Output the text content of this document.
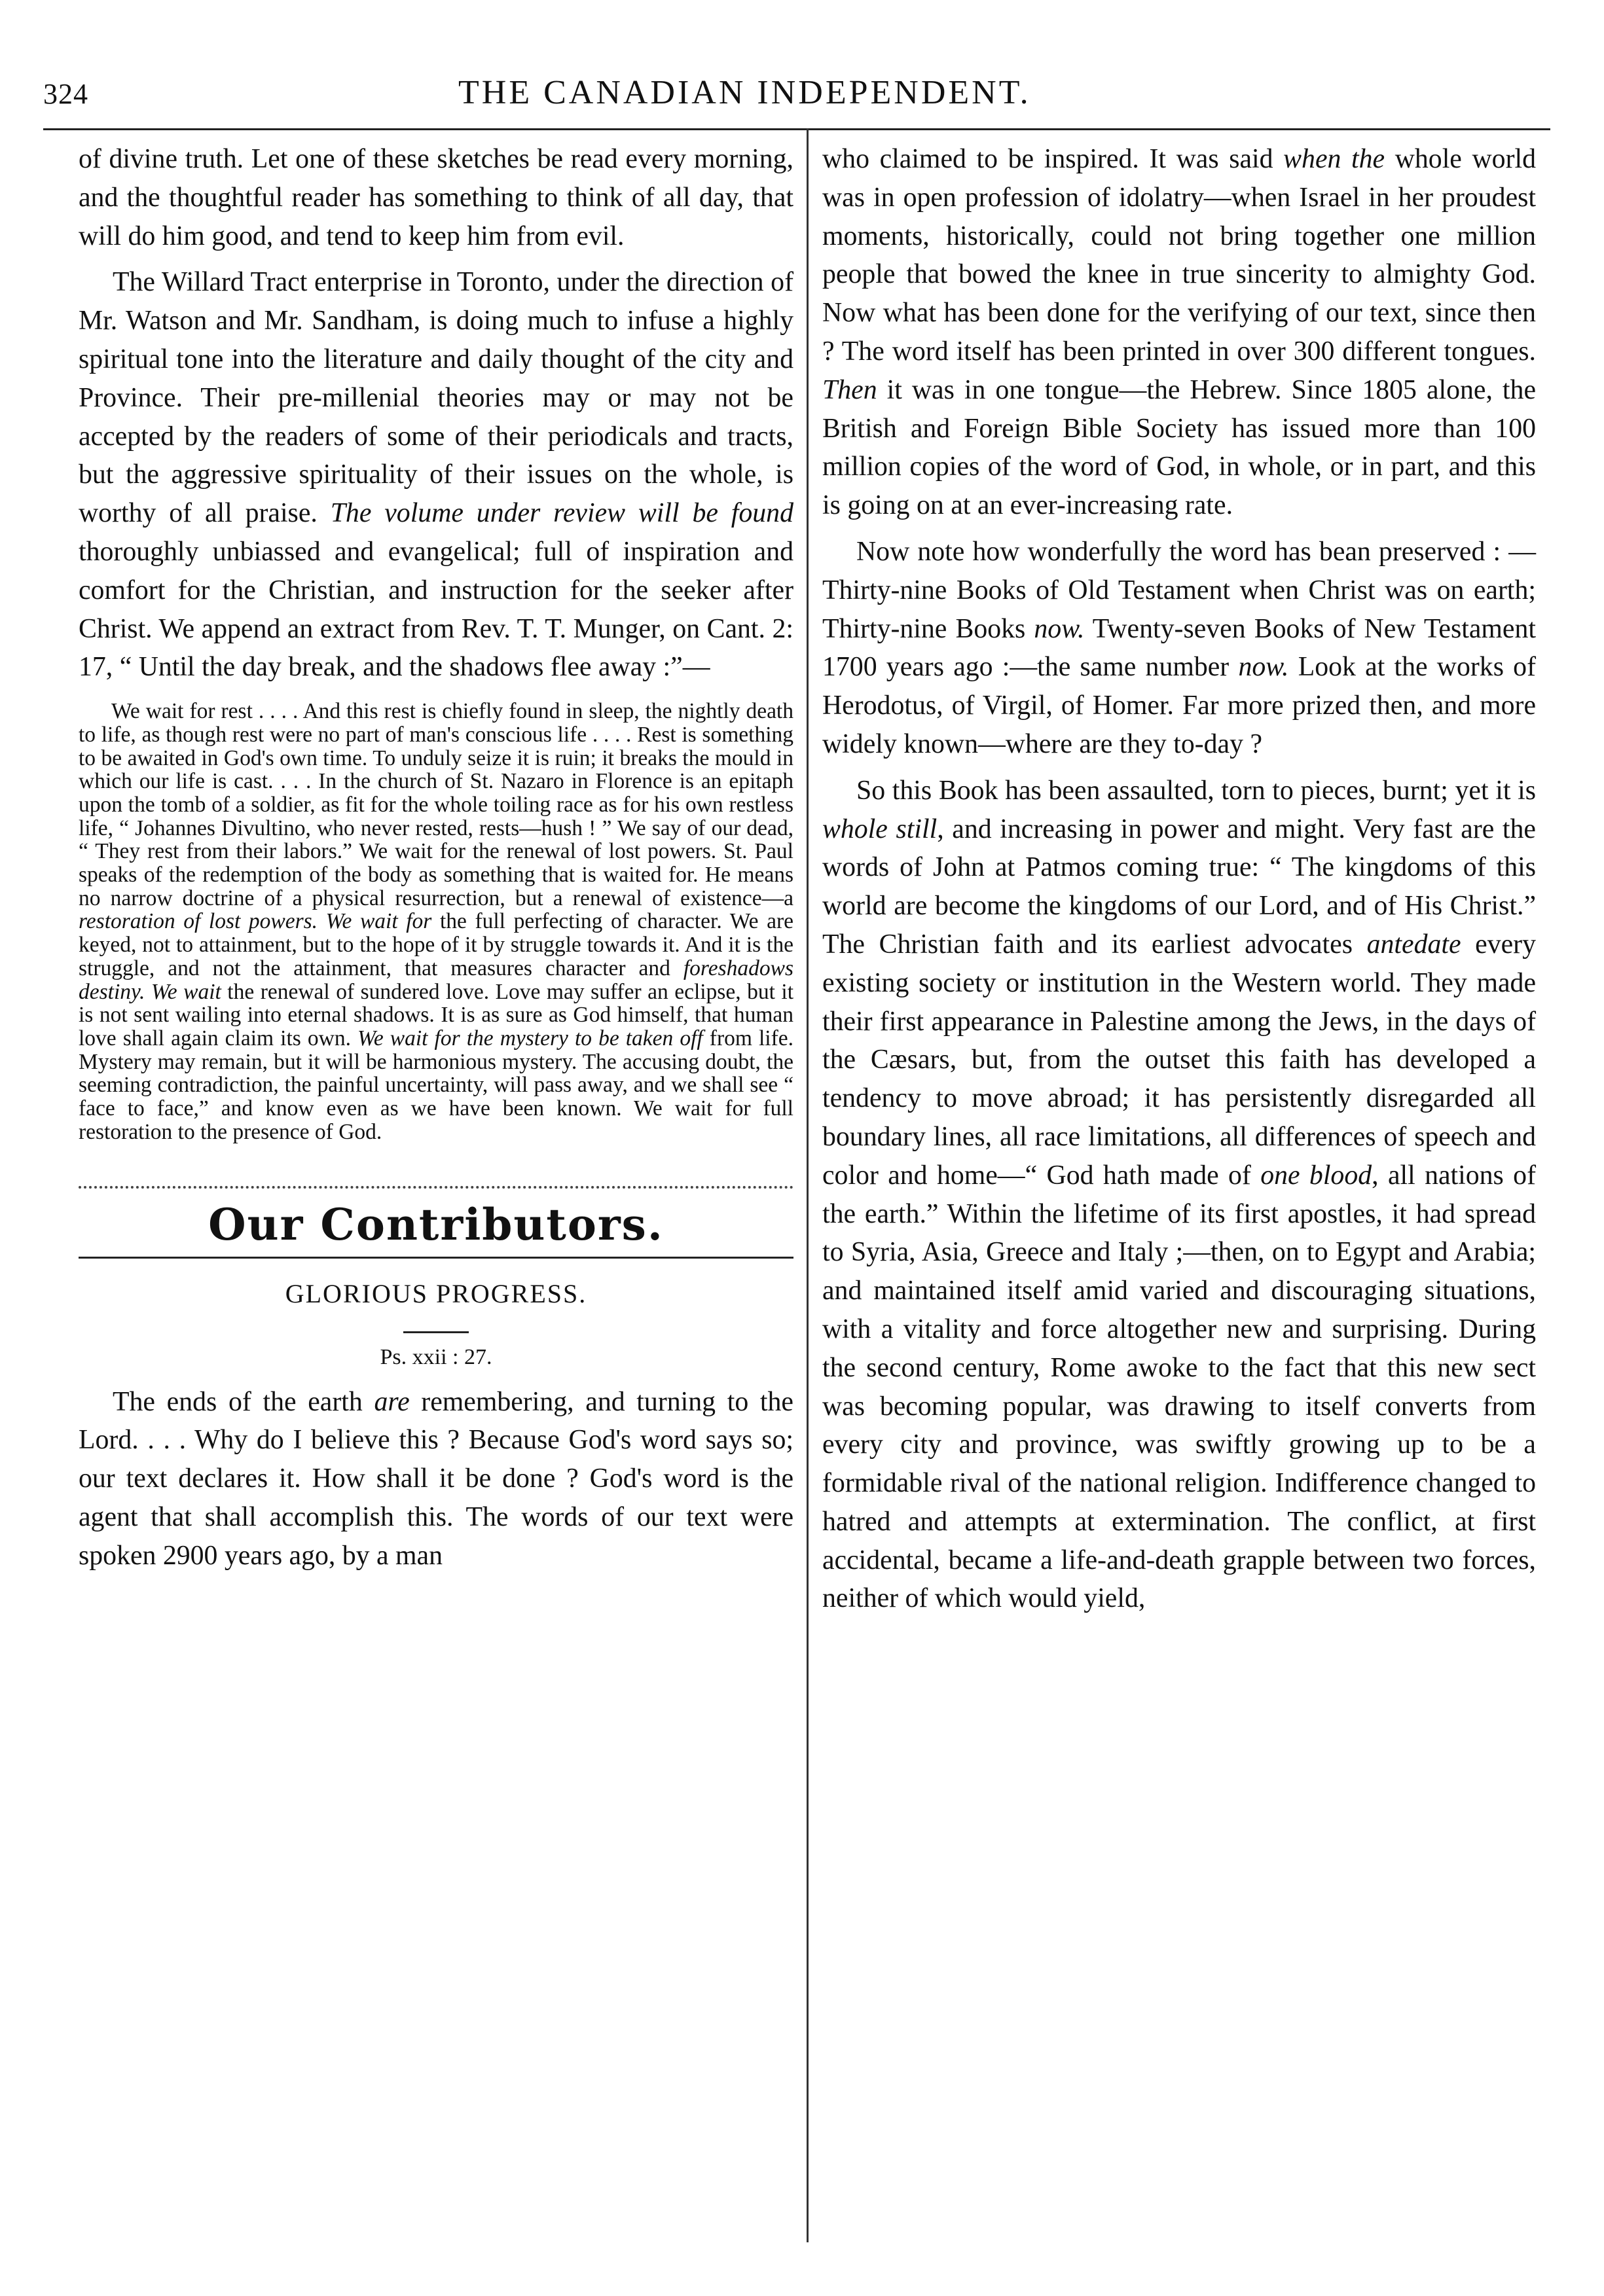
324	THE CANADIAN INDEPENDENT.

of divine truth. Let one of these sketches be read every morning, and the thoughtful reader has something to think of all day, that will do him good, and tend to keep him from evil.

The Willard Tract enterprise in Toronto, under the direction of Mr. Watson and Mr. Sandham, is doing much to infuse a highly spiritual tone into the literature and daily thought of the city and Province. Their pre-millenial theories may or may not be accepted by the readers of some of their periodicals and tracts, but the aggressive spirituality of their issues on the whole, is worthy of all praise. The volume under review will be found thoroughly unbiassed and evangelical; full of inspiration and comfort for the Christian, and instruction for the seeker after Christ. We append an extract from Rev. T. T. Munger, on Cant. 2: 17, “ Until the day break, and the shadows flee away :”—

We wait for rest . . . . And this rest is chiefly found in sleep, the nightly death to life, as though rest were no part of man's conscious life . . . . Rest is something to be awaited in God's own time. To unduly seize it is ruin; it breaks the mould in which our life is cast. . . . In the church of St. Nazaro in Florence is an epitaph upon the tomb of a soldier, as fit for the whole toiling race as for his own restless life, “ Johannes Divultino, who never rested, rests—hush ! ” We say of our dead, “ They rest from their labors.” We wait for the renewal of lost powers. St. Paul speaks of the redemption of the body as something that is waited for. He means no narrow doctrine of a physical resurrection, but a renewal of existence—a restoration of lost powers. We wait for the full perfecting of character. We are keyed, not to attainment, but to the hope of it by struggle towards it. And it is the struggle, and not the attainment, that measures character and foreshadows destiny. We wait the renewal of sundered love. Love may suffer an eclipse, but it is not sent wailing into eternal shadows. It is as sure as God himself, that human love shall again claim its own. We wait for the mystery to be taken off from life. Mystery may remain, but it will be harmonious mystery. The accusing doubt, the seeming contradiction, the painful uncertainty, will pass away, and we shall see “ face to face,” and know even as we have been known. We wait for full restoration to the presence of God.
Our Contributors.
GLORIOUS PROGRESS.
Ps. xxii : 27.

The ends of the earth are remembering, and turning to the Lord. . . . Why do I believe this ? Because God's word says so; our text declares it. How shall it be done ? God's word is the agent that shall accomplish this. The words of our text were spoken 2900 years ago, by a man

who claimed to be inspired. It was said when the whole world was in open profession of idolatry—when Israel in her proudest moments, historically, could not bring together one million people that bowed the knee in true sincerity to almighty God. Now what has been done for the verifying of our text, since then ? The word itself has been printed in over 300 different tongues. Then it was in one tongue—the Hebrew. Since 1805 alone, the British and Foreign Bible Society has issued more than 100 million copies of the word of God, in whole, or in part, and this is going on at an ever-increasing rate.

Now note how wonderfully the word has bean preserved : — Thirty-nine Books of Old Testament when Christ was on earth; Thirty-nine Books now. Twenty-seven Books of New Testament 1700 years ago :—the same number now. Look at the works of Herodotus, of Virgil, of Homer. Far more prized then, and more widely known—where are they to-day ?

So this Book has been assaulted, torn to pieces, burnt; yet it is whole still, and increasing in power and might. Very fast are the words of John at Patmos coming true: “ The kingdoms of this world are become the kingdoms of our Lord, and of His Christ.” The Christian faith and its earliest advocates antedate every existing society or institution in the Western world. They made their first appearance in Palestine among the Jews, in the days of the Cæsars, but, from the outset this faith has developed a tendency to move abroad; it has persistently disregarded all boundary lines, all race limitations, all differences of speech and color and home—“ God hath made of one blood, all nations of the earth.” Within the lifetime of its first apostles, it had spread to Syria, Asia, Greece and Italy ;—then, on to Egypt and Arabia; and maintained itself amid varied and discouraging situations, with a vitality and force altogether new and surprising. During the second century, Rome awoke to the fact that this new sect was becoming popular, was drawing to itself converts from every city and province, was swiftly growing up to be a formidable rival of the national religion. Indifference changed to hatred and attempts at extermination. The conflict, at first accidental, became a life-and-death grapple between two forces, neither of which would yield,
